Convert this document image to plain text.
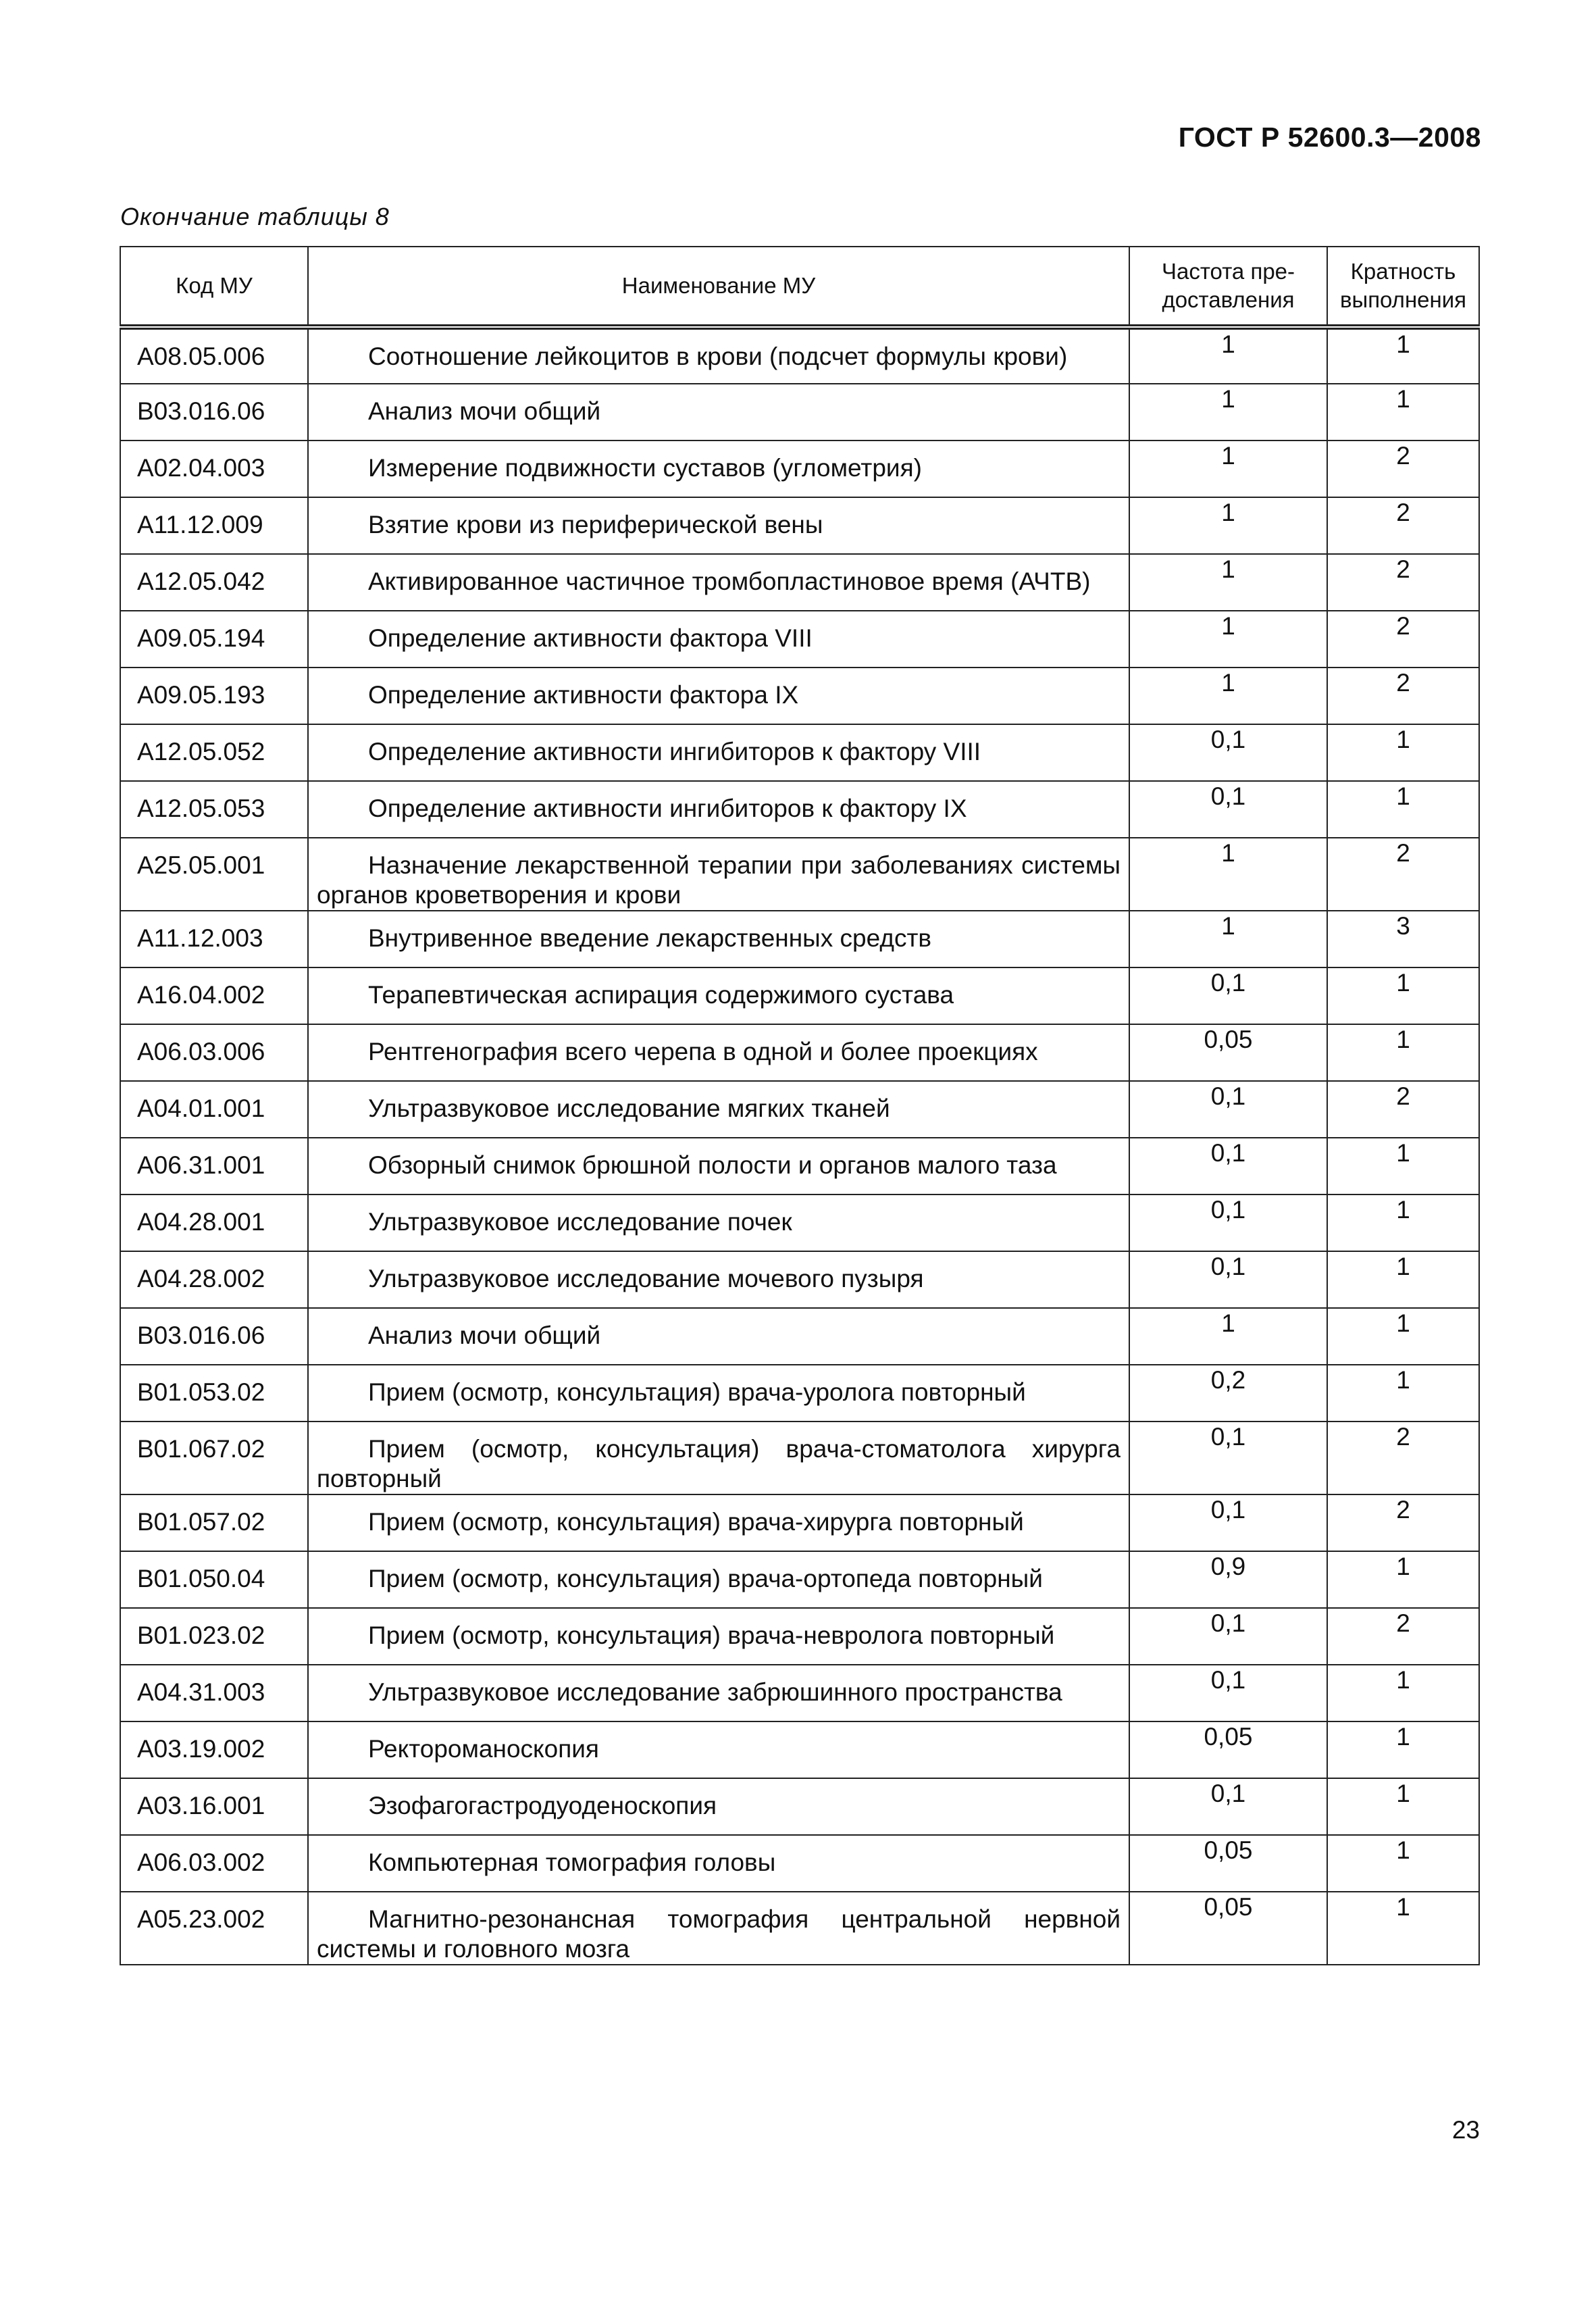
ГОСТ Р 52600.3—2008
Окончание таблицы 8
Код МУ	Наименование МУ	Частота пре-доставления	Кратность выполнения
A08.05.006	Соотношение лейкоцитов в крови (подсчет формулы крови)	1	1
B03.016.06	Анализ мочи общий	1	1
A02.04.003	Измерение подвижности суставов (углометрия)	1	2
A11.12.009	Взятие крови из периферической вены	1	2
A12.05.042	Активированное частичное тромбопластиновое время (АЧТВ)	1	2
A09.05.194	Определение активности фактора VIII	1	2
A09.05.193	Определение активности фактора IX	1	2
A12.05.052	Определение активности ингибиторов к фактору VIII	0,1	1
A12.05.053	Определение активности ингибиторов к фактору IX	0,1	1
A25.05.001	Назначение лекарственной терапии при заболеваниях системы органов кроветворения и крови	1	2
A11.12.003	Внутривенное введение лекарственных средств	1	3
A16.04.002	Терапевтическая аспирация содержимого сустава	0,1	1
A06.03.006	Рентгенография всего черепа в одной и более проекциях	0,05	1
A04.01.001	Ультразвуковое исследование мягких тканей	0,1	2
A06.31.001	Обзорный снимок брюшной полости и органов малого таза	0,1	1
A04.28.001	Ультразвуковое исследование почек	0,1	1
A04.28.002	Ультразвуковое исследование мочевого пузыря	0,1	1
B03.016.06	Анализ мочи общий	1	1
B01.053.02	Прием (осмотр, консультация) врача-уролога повторный	0,2	1
B01.067.02	Прием (осмотр, консультация) врача-стоматолога хирурга повторный	0,1	2
B01.057.02	Прием (осмотр, консультация) врача-хирурга повторный	0,1	2
B01.050.04	Прием (осмотр, консультация) врача-ортопеда повторный	0,9	1
B01.023.02	Прием (осмотр, консультация) врача-невролога повторный	0,1	2
A04.31.003	Ультразвуковое исследование забрюшинного пространства	0,1	1
A03.19.002	Ректороманоскопия	0,05	1
A03.16.001	Эзофагогастродуоденоскопия	0,1	1
A06.03.002	Компьютерная томография головы	0,05	1
A05.23.002	Магнитно-резонансная томография центральной нервной системы и головного мозга	0,05	1
23
